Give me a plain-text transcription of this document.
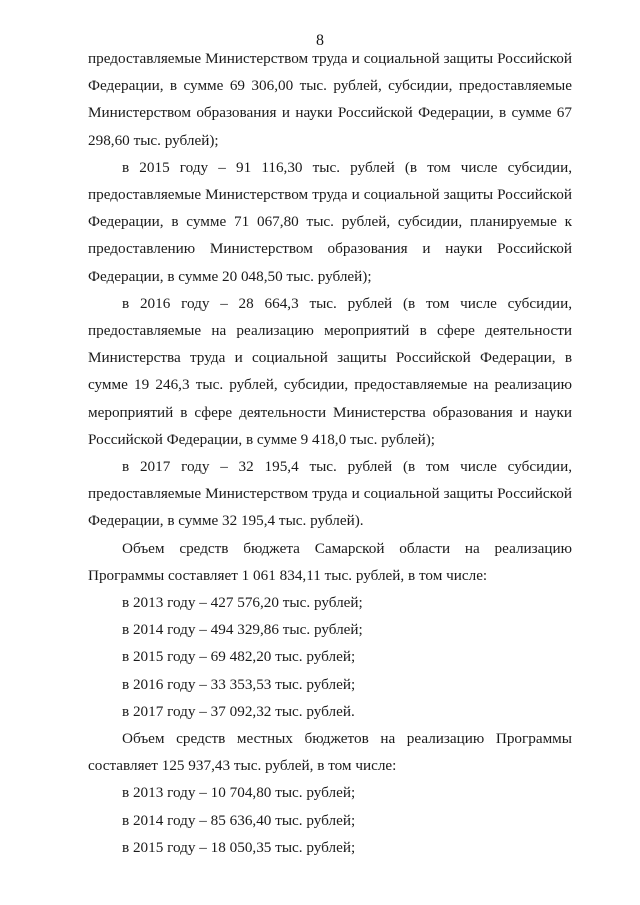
8

предоставляемые Министерством труда и социальной защиты Российской Федерации, в сумме 69 306,00 тыс. рублей, субсидии, предоставляемые Министерством образования и науки Российской Федерации, в сумме 67 298,60 тыс. рублей);

в 2015 году – 91 116,30 тыс. рублей (в том числе субсидии, предоставляемые Министерством труда и социальной защиты Российской Федерации, в сумме 71 067,80 тыс. рублей, субсидии, планируемые к предоставлению Министерством образования и науки Российской Федерации, в сумме 20 048,50 тыс. рублей);

в 2016 году – 28 664,3 тыс. рублей (в том числе субсидии, предоставляемые на реализацию мероприятий в сфере деятельности Министерства труда и социальной защиты Российской Федерации, в сумме 19 246,3 тыс. рублей, субсидии, предоставляемые на реализацию мероприятий в сфере деятельности Министерства образования и науки Российской Федерации, в сумме 9 418,0 тыс. рублей);

в 2017 году – 32 195,4 тыс. рублей (в том числе субсидии, предоставляемые Министерством труда и социальной защиты Российской Федерации, в сумме 32 195,4 тыс. рублей).

Объем средств бюджета Самарской области на реализацию Программы составляет 1 061 834,11 тыс. рублей, в том числе:

в 2013 году – 427 576,20 тыс. рублей;

в 2014 году – 494 329,86 тыс. рублей;

в 2015 году – 69 482,20 тыс. рублей;

в 2016 году – 33 353,53 тыс. рублей;

в 2017 году – 37 092,32 тыс. рублей.

Объем средств местных бюджетов на реализацию Программы составляет 125 937,43 тыс. рублей, в том числе:

в 2013 году – 10 704,80 тыс. рублей;

в 2014 году – 85 636,40 тыс. рублей;

в 2015 году – 18 050,35 тыс. рублей;
